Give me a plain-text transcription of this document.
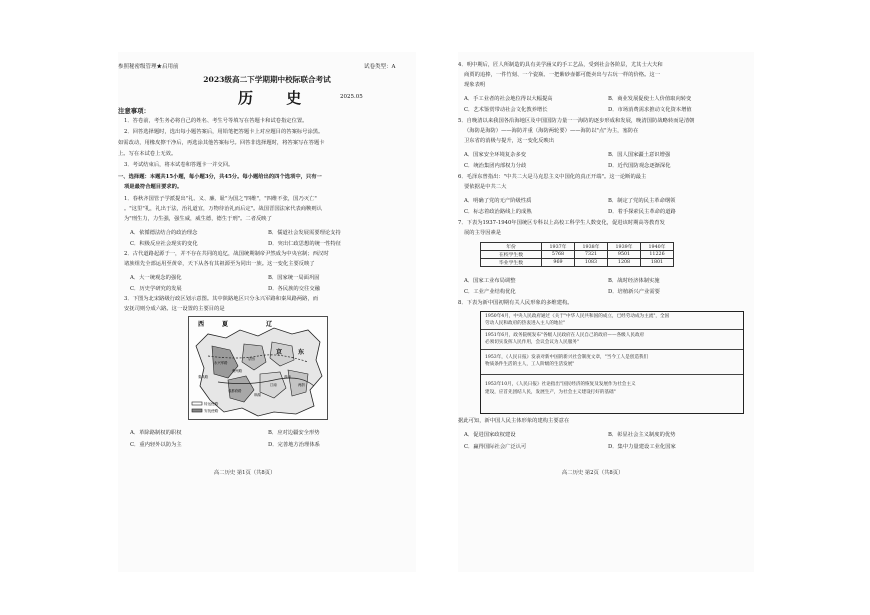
参照秘密级管理★启用前	试卷类型：A
2023级高二下学期期中校际联合考试
历 史	2025.05
注意事项：
1．答卷前，考生务必将自己的姓名、考生号等填写在答题卡和试卷指定位置。
2．回答选择题时，选出每小题答案后，用铅笔把答题卡上对应题目的答案标号涂黑。
如需改动，用橡皮擦干净后，再选涂其他答案标号。回答非选择题时，将答案写在答题卡
上。写在本试卷上无效。
3．考试结束后，将本试卷和答题卡一并交回。
一、选择题：本题共15小题，每小题3分，共45分。每小题给出的四个选项中，只有一
项是最符合题目要求的。
1．春秋齐国管子学派提出"礼、义、廉、耻"为国之"四维"，"四维不张，国乃灭亡"
。"这里"礼，礼出于法，治礼道宜，万物待治礼而后定"。战国晋国法家代表商鞅则认
为"刑生力，力生强，强生威，威生德，德生于刑"。二者反映了
A．依循德法结合的政治理念	B．儒道社会发展需要理论支持
C．积极反应社会现实的变化	D．突出仁政思想的统一性特征
2．古代道路起源于一，并不存在共同的追忆，战国统期制帝尹然成为中央官制；西汉时
诸族组先全部运用至黄帝，天下从各有其祖源至为同出一族。这一变化主要反映了
A．大一统观念的强化	B．国家统一局面巩固
C．历史学研究的发展	D．各民族的交往交融
3．下图为北宋路级行政区划示意图。其中陕路地区只分永兴军路和秦凤路两路，而
安抚司则分成六路。这一设置的主要目的是
转运使路
安抚使路
西	夏	辽
京	东
永兴军路
秦凤路
成都府路
利州路
京西
淮南
江南	两浙
荆湖
A．革除路制权的职权	B．应对边疆安全形势
C．重内轻外以防为主	D．完善地方治理体系
高二历史 第1页（共8页）
4．明中期后，匠人所制造的具有美学涵义的手工艺品，受到社会各阶层，尤其士大夫和
商贾的追捧，一件竹刻、一个瓷瓶、一把紫砂壶都可能卖出与古玩一样的价格。这一
现象表明
A．手工业者的社会地位得以大幅提高	B．商业发展促使士人价值取向转变
C．艺术鉴赏带动社会文化教养增长	D．市场消费需求推动文化资本增值
5．自晚清以来我国各沿海地区及中国国防力量一一海防的逐步形成和发展，晚清国防战略转而是清朝
（海防是海防）——海防并重（海防两轮要）——海防以"点"为主，塞防在
卫东省的消极与提升，这一变化反映出
A．国家安全环境复杂多变	B．国人国家疆土意识增强
C．统治集团内部权力分歧	D．近代国防观念逐渐深化
6．毛泽东曾指出："中共二大是马克思主义中国化的真正开端"。这一论断的最主
要依据是中共二大
A．明确了党的无产阶级性质	B．制定了党的民主革命纲领
C．标志着政治路线上的成熟	D．着手探索民主革命的道路
7．下表为1937-1940年国统区专科以上高校工科学生人数变化，促进该时期高等教育发
展的主导因素是
年份	1937年	1938年	1939年	1940年
在校学生数	5768	7321	9501	11226
毕业学生数	969	1083	1208	1801
A．国家工业布局调整	B．战时经济体制实施
C．工业产业结构优化	D．培植新兴产业需要
8．下表为新中国初期有关人民形象的多维建构。
1950年4月，中央人民政府通过《关于"中华人民共和国的成立，已经劳动成为主流"，全国
劳动人民和政府的热衷进入主人的地位"
1951年6月，政务院统发布"各级人民政府在人民自己的政府——各级人民政府
必须切实发挥人民作用，会议会议为人民服务"
1953年，《人民日报》发表对新中国的新兴社会制度文章，"当今工人是创造我们
物质条件生活的主人，工人阶级的生活发展"
1953年10月，《人民日报》社论指出"国民经济的恢复及发展作为社会主义
建设，应首先团结人民，发展生产，为社会主义建设打好的基础"
据此可知，新中国人民主体形象的建构主要意在
A．促进国家政权建设	B．彰显社会主义制度的优势
C．赢得国际社会广泛认可	D．集中力量建设工业化国家
高二历史 第2页（共8页）
